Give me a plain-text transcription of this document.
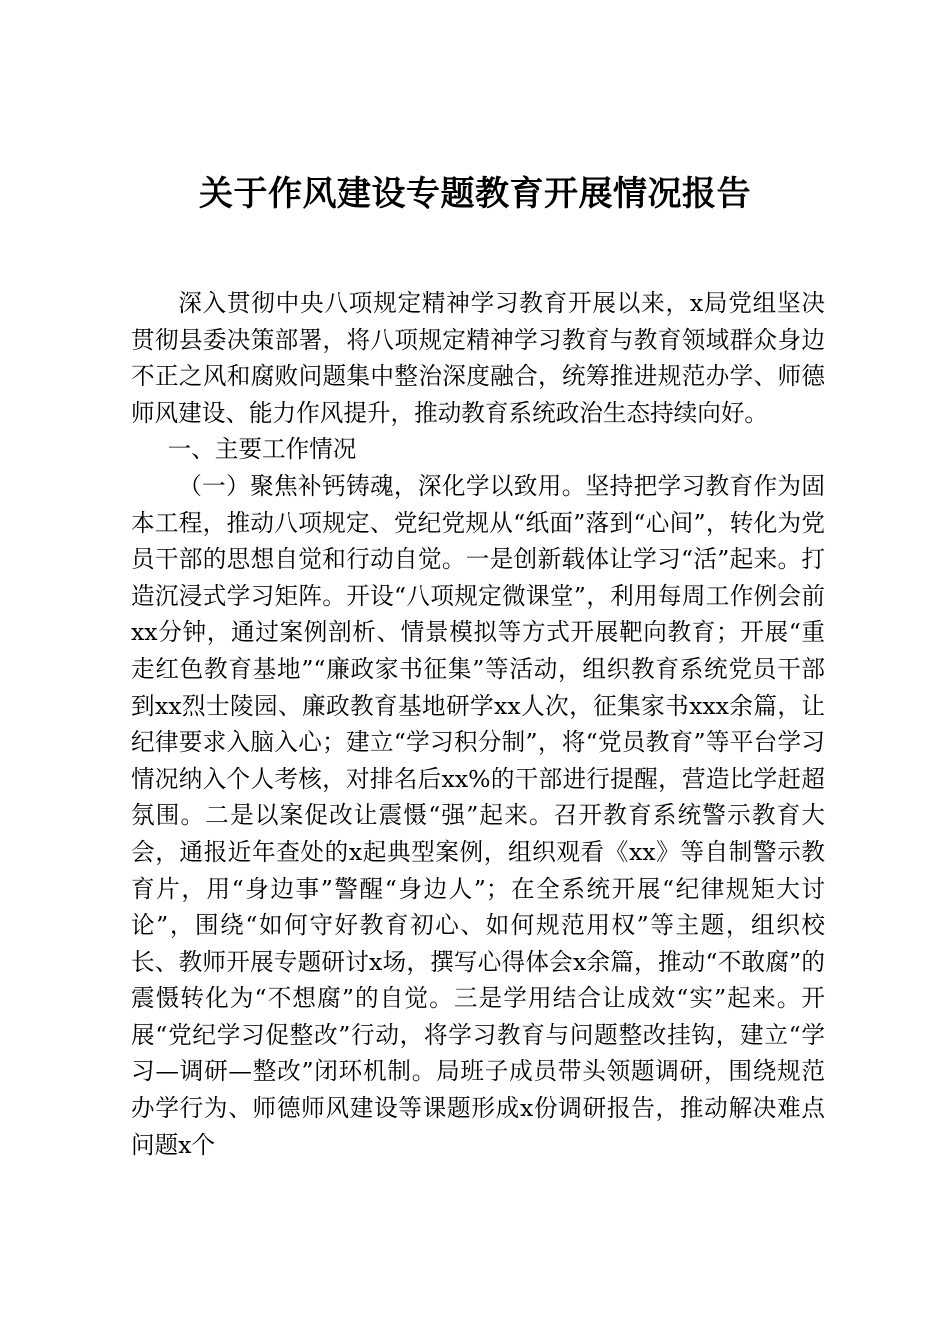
关于作风建设专题教育开展情况报告

深入贯彻中央八项规定精神学习教育开展以来，x局党组坚决贯彻县委决策部署，将八项规定精神学习教育与教育领域群众身边不正之风和腐败问题集中整治深度融合，统筹推进规范办学、师德师风建设、能力作风提升，推动教育系统政治生态持续向好。

一、主要工作情况

（一）聚焦补钙铸魂，深化学以致用。坚持把学习教育作为固本工程，推动八项规定、党纪党规从“纸面”落到“心间”，转化为党员干部的思想自觉和行动自觉。一是创新载体让学习“活”起来。打造沉浸式学习矩阵。开设“八项规定微课堂”，利用每周工作例会前xx分钟，通过案例剖析、情景模拟等方式开展靶向教育；开展“重走红色教育基地”“廉政家书征集”等活动，组织教育系统党员干部到xx烈士陵园、廉政教育基地研学xx人次，征集家书xxx余篇，让纪律要求入脑入心；建立“学习积分制”，将“党员教育”等平台学习情况纳入个人考核，对排名后xx%的干部进行提醒，营造比学赶超氛围。二是以案促改让震慑“强”起来。召开教育系统警示教育大会，通报近年查处的x起典型案例，组织观看《xx》等自制警示教育片，用“身边事”警醒“身边人”；在全系统开展“纪律规矩大讨论”，围绕“如何守好教育初心、如何规范用权”等主题，组织校长、教师开展专题研讨x场，撰写心得体会x余篇，推动“不敢腐”的震慑转化为“不想腐”的自觉。三是学用结合让成效“实”起来。开展“党纪学习促整改”行动，将学习教育与问题整改挂钩，建立“学习—调研—整改”闭环机制。局班子成员带头领题调研，围绕规范办学行为、师德师风建设等课题形成x份调研报告，推动解决难点问题x个
